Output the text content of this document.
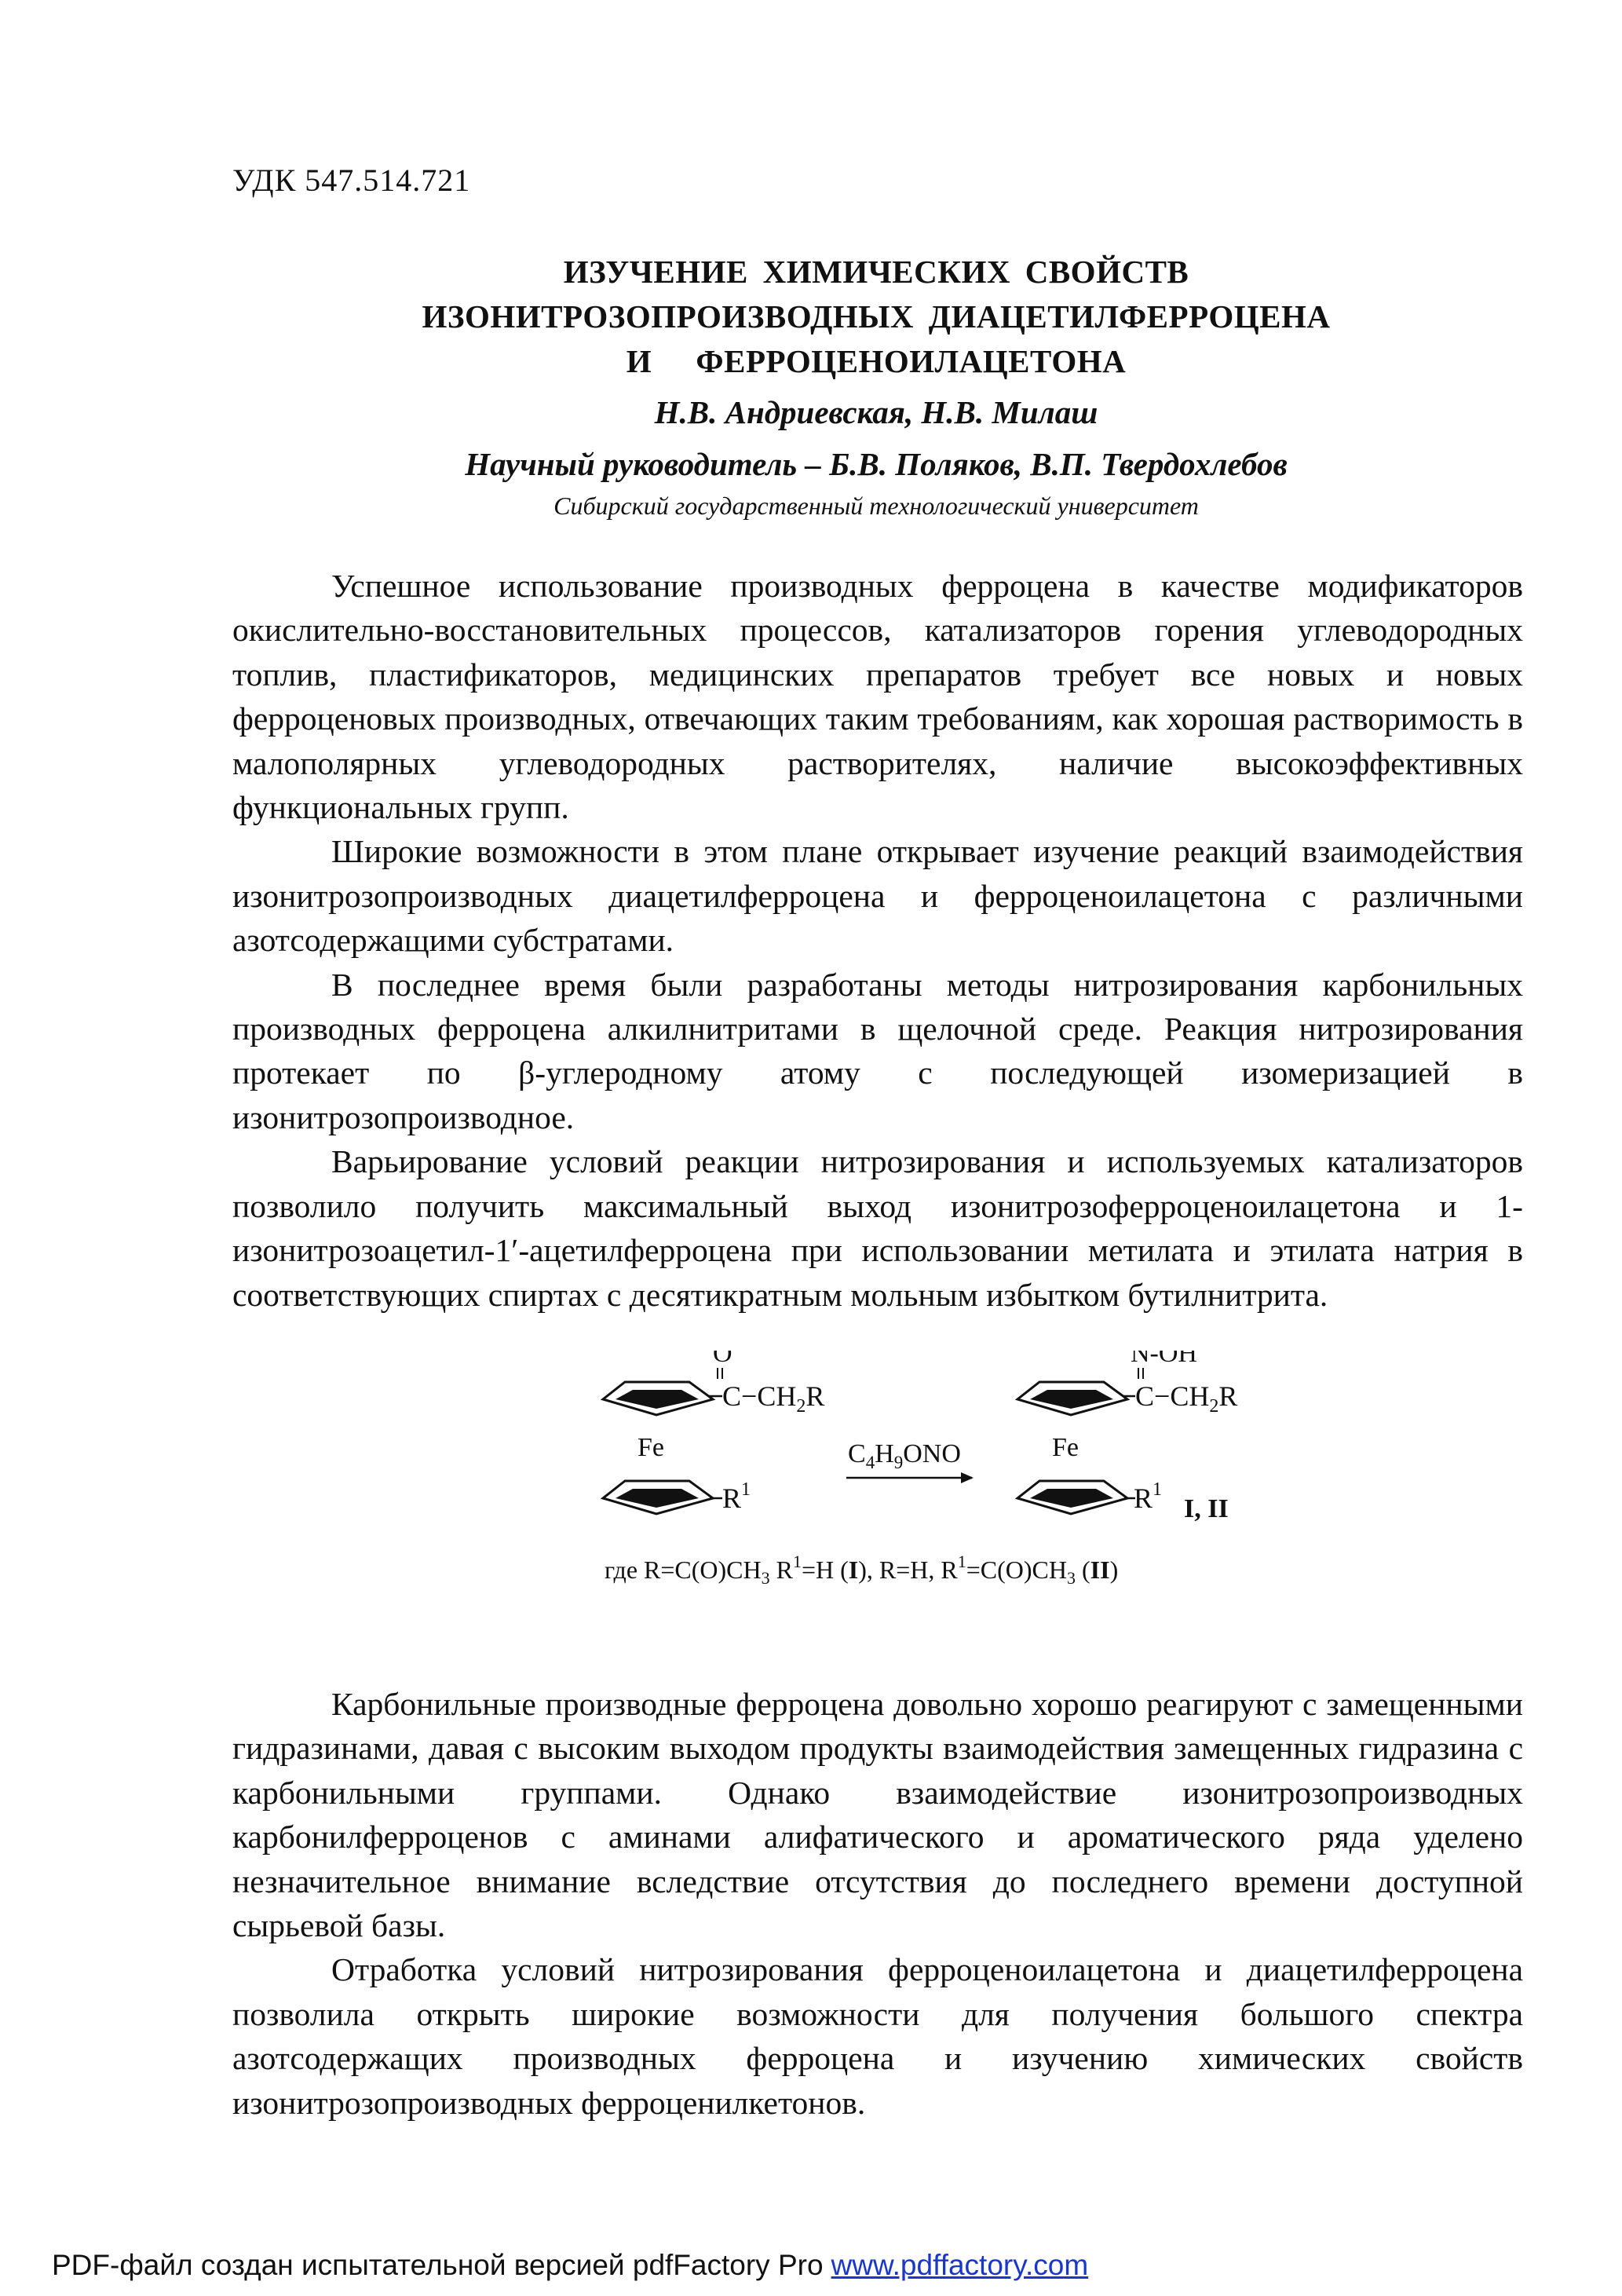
УДК 547.514.721
ИЗУЧЕНИЕ ХИМИЧЕСКИХ СВОЙСТВ
ИЗОНИТРОЗОПРОИЗВОДНЫХ ДИАЦЕТИЛФЕРРОЦЕНА
И   ФЕРРОЦЕНОИЛАЦЕТОНА
Н.В. Андриевская, Н.В. Милаш
Научный руководитель – Б.В. Поляков, В.П. Твердохлебов
Сибирский государственный технологический университет

Успешное использование производных ферроцена в качестве модификаторов окислительно-восстановительных процессов, катализаторов горения углеводородных топлив, пластификаторов, медицинских препаратов требует все новых и новых ферроценовых производных, отвечающих таким требованиям, как хорошая растворимость в малополярных углеводородных растворителях, наличие высокоэффективных функциональных групп.

Широкие возможности в этом плане открывает изучение реакций взаимодействия изонитрозопроизводных диацетилферроцена и ферроценоилацетона с различными азотсодержащими субстратами.

В последнее время были разработаны методы нитрозирования карбонильных производных ферроцена алкилнитритами в щелочной среде. Реакция нитрозирования протекает по β-углеродному атому с последующей изомеризацией в изонитрозопроизводное.

Варьирование условий реакции нитрозирования и используемых катализаторов позволило получить максимальный выход изонитрозоферроценоилацетона и 1-изонитрозоацетил-1′-ацетилферроцена при использовании метилата и этилата натрия в соответствующих спиртах с десятикратным мольным избытком бутилнитрита.

O
$C-CH_2R$
Fe
$R^1$
$C_4H_9ONO$
N-OH
$C-CH_2R$
Fe
$R^1$
I, II
где $R=C(O)CH_3$ $R^1=H$ (I), R=H, $R^1=C(O)CH_3$ (II)

Карбонильные производные ферроцена довольно хорошо реагируют с замещенными гидразинами, давая с высоким выходом продукты взаимодействия замещенных гидразина с карбонильными группами. Однако взаимодействие изонитрозопроизводных карбонилферроценов с аминами алифатического и ароматического ряда уделено незначительное внимание вследствие отсутствия до последнего времени доступной сырьевой базы.

Отработка условий нитрозирования ферроценоилацетона и диацетилферроцена позволила открыть широкие возможности для получения большого спектра азотсодержащих производных ферроцена и изучению химических свойств изонитрозопроизводных ферроценилкетонов.

PDF-файл создан испытательной версией pdfFactory Pro www.pdffactory.com
